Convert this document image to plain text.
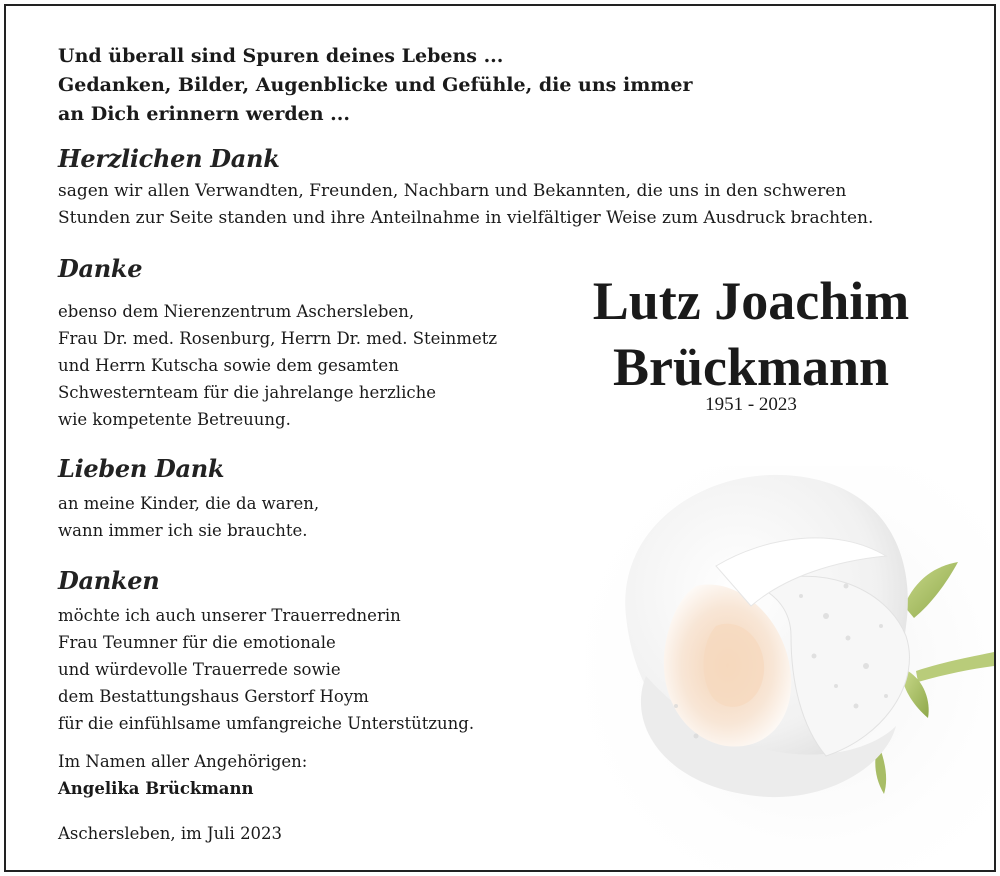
Und überall sind Spuren deines Lebens ...
Gedanken, Bilder, Augenblicke und Gefühle, die uns immer
an Dich erinnern werden ...
Herzlichen Dank
sagen wir allen Verwandten, Freunden, Nachbarn und Bekannten, die uns in den schweren
Stunden zur Seite standen und ihre Anteilnahme in vielfältiger Weise zum Ausdruck brachten.
Danke
ebenso dem Nierenzentrum Aschersleben,
Frau Dr. med. Rosenburg, Herrn Dr. med. Steinmetz
und Herrn Kutscha sowie dem gesamten
Schwesternteam für die jahrelange herzliche
wie kompetente Betreuung.
Lieben Dank
an meine Kinder, die da waren,
wann immer ich sie brauchte.
Danken
möchte ich auch unserer Trauerrednerin
Frau Teumner für die emotionale
und würdevolle Trauerrede sowie
dem Bestattungshaus Gerstorf Hoym
für die einfühlsame umfangreiche Unterstützung.
Im Namen aller Angehörigen:
Angelika Brückmann
Aschersleben, im Juli 2023
Lutz Joachim
Brückmann
1951 - 2023
